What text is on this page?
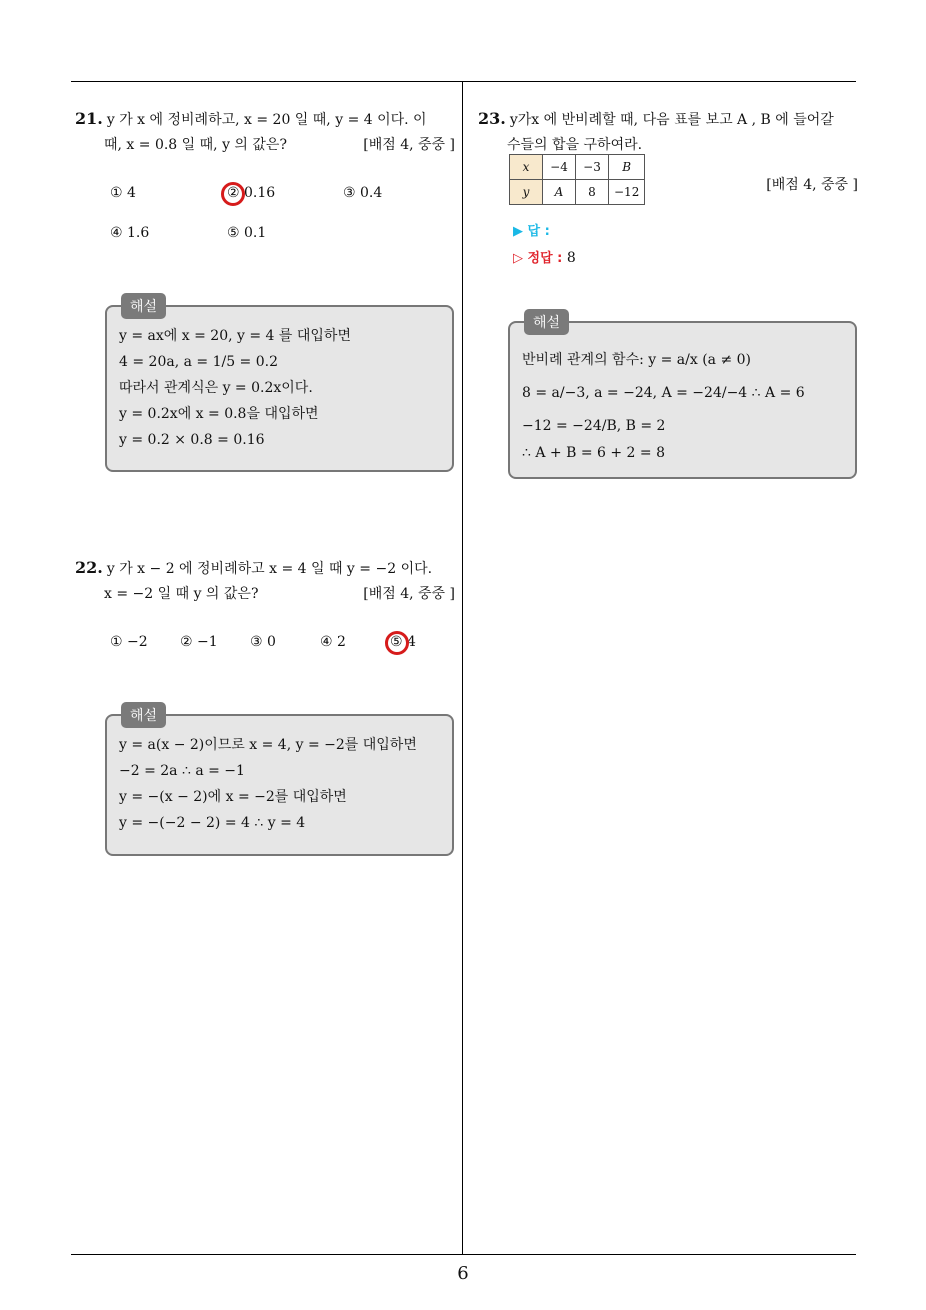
6
21. y 가 x 에 정비례하고, x = 20 일 때, y = 4 이다. 이
때, x = 0.8 일 때, y 의 값은?	[배점 4, 중중 ]
① 4	② 0.16	③ 0.4
④ 1.6	⑤ 0.1
해설
y = ax에 x = 20, y = 4 를 대입하면
4 = 20a, a = 1/5 = 0.2
따라서 관계식은 y = 0.2x이다.
y = 0.2x에 x = 0.8을 대입하면
y = 0.2 × 0.8 = 0.16
22. y 가 x − 2 에 정비례하고 x = 4 일 때 y = −2 이다.
x = −2 일 때 y 의 값은?	[배점 4, 중중 ]
① −2 ② −1 ③ 0	④ 2	⑤ 4
해설
y = a(x − 2)이므로 x = 4, y = −2를 대입하면
−2 = 2a ∴ a = −1
y = −(x − 2)에 x = −2를 대입하면
y = −(−2 − 2) = 4 ∴ y = 4
23. y가x 에 반비례할 때, 다음 표를 보고 A , B 에 들어갈
수들의 합을 구하여라.
x	−4	−3	B
y	A	8	−12	[배점 4, 중중 ]
▶ 답 :
▷ 정답 : 8
해설
반비례 관계의 함수: y = a/x (a ≠ 0)
8 = a/−3, a = −24, A = −24/−4 ∴ A = 6
−12 = −24/B, B = 2
∴ A + B = 6 + 2 = 8
